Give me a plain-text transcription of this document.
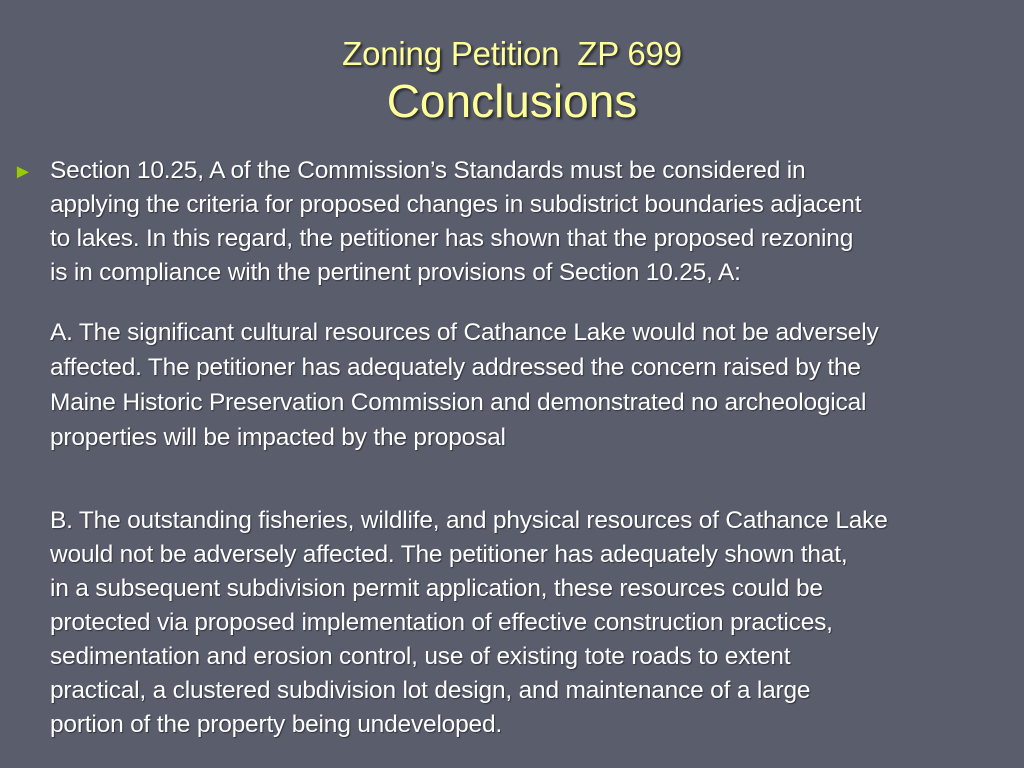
Zoning Petition  ZP 699
Conclusions
► Section 10.25, A of the Commission’s Standards must be considered in
applying the criteria for proposed changes in subdistrict boundaries adjacent
to lakes. In this regard, the petitioner has shown that the proposed rezoning
is in compliance with the pertinent provisions of Section 10.25, A:
A. The significant cultural resources of Cathance Lake would not be adversely
affected. The petitioner has adequately addressed the concern raised by the
Maine Historic Preservation Commission and demonstrated no archeological
properties will be impacted by the proposal
B. The outstanding fisheries, wildlife, and physical resources of Cathance Lake
would not be adversely affected. The petitioner has adequately shown that,
in a subsequent subdivision permit application, these resources could be
protected via proposed implementation of effective construction practices,
sedimentation and erosion control, use of existing tote roads to extent
practical, a clustered subdivision lot design, and maintenance of a large
portion of the property being undeveloped.
